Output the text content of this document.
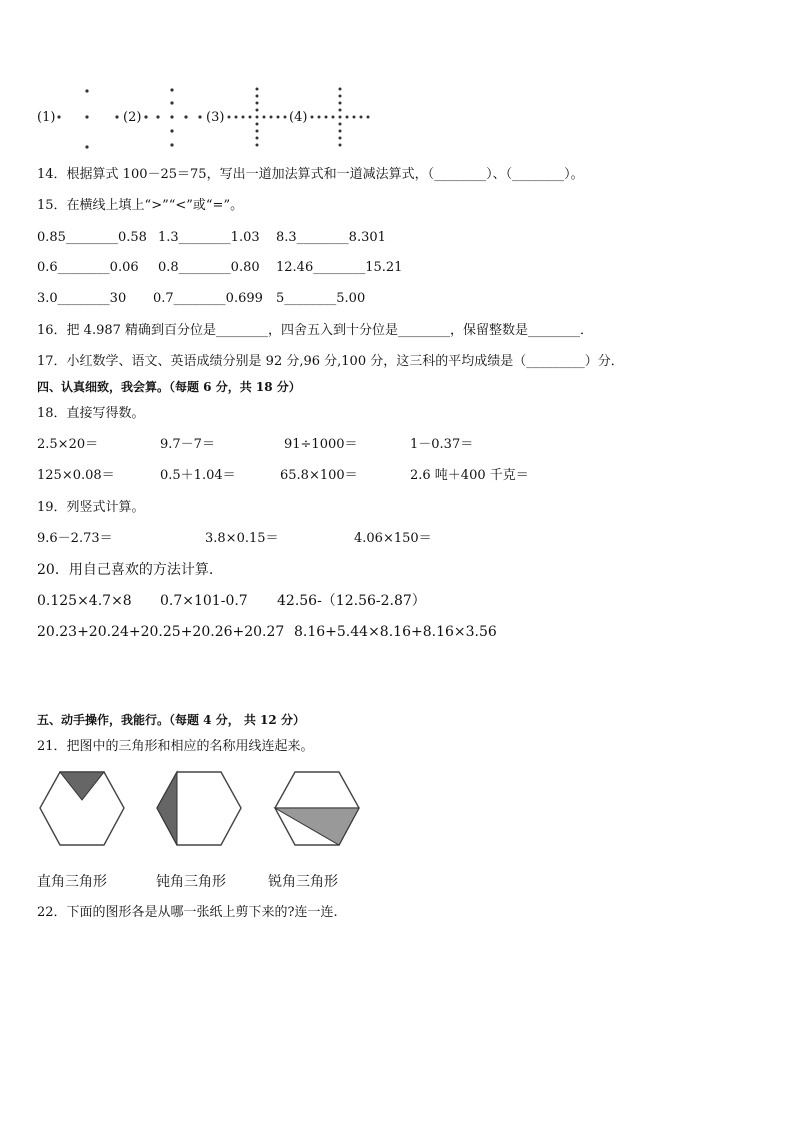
(1)	(2)	(3)	(4)
14．根据算式 100－25＝75，写出一道加法算式和一道减法算式，（________）、（________）。
15．在横线上填上“>”“<”或“=”。
0.85________0.58 1.3________1.03 8.3________8.301
0.6________0.06 0.8________0.80 12.46________15.21
3.0________30 0.7________0.699 5________5.00
16．把 4.987 精确到百分位是________，四舍五入到十分位是________，保留整数是________．
17．小红数学、语文、英语成绩分别是 92 分,96 分,100 分，这三科的平均成绩是（_________）分．
四、认真细致，我会算。（每题 6 分，共 18 分）
18．直接写得数。
2.5×20＝	9.7－7＝	91÷1000＝	1－0.37＝
125×0.08＝	0.5＋1.04＝	65.8×100＝	2.6 吨＋400 千克＝
19．列竖式计算。
9.6－2.73＝	3.8×0.15＝	4.06×150＝
20．用自己喜欢的方法计算.
0.125×4.7×8 0.7×101-0.7 42.56-（12.56-2.87）
20.23+20.24+20.25+20.26+20.27 8.16+5.44×8.16+8.16×3.56
五、动手操作，我能行。（每题 4 分， 共 12 分）
21．把图中的三角形和相应的名称用线连起来。
直角三角形	钝角三角形	锐角三角形
22．下面的图形各是从哪一张纸上剪下来的?连一连.
